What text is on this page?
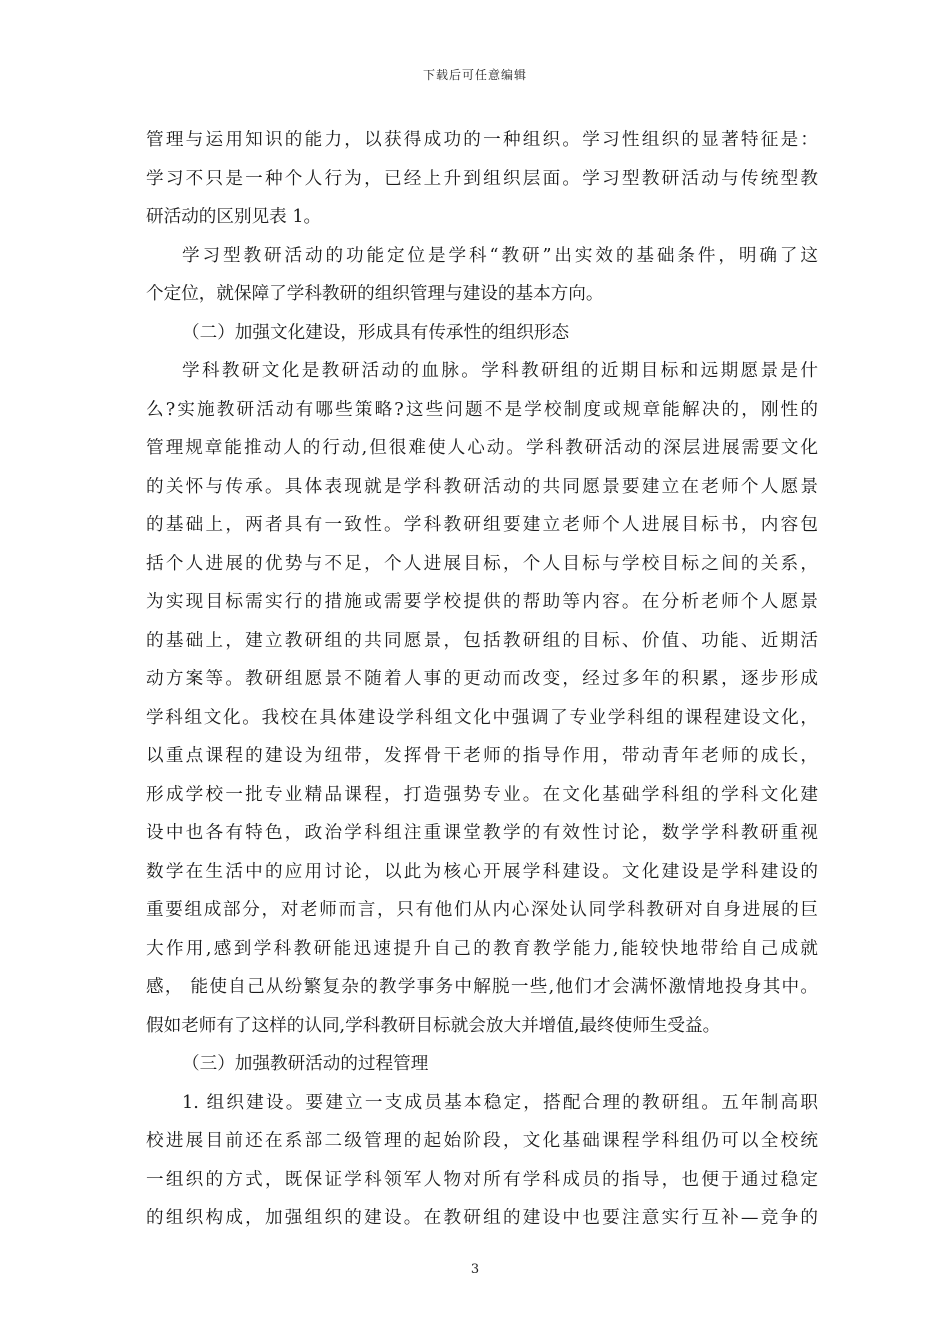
下载后可任意编辑
管理与运用知识的能力，以获得成功的一种组织。学习性组织的显著特征是：
学习不只是一种个人行为，已经上升到组织层面。学习型教研活动与传统型教
研活动的区别见表 1。
学习型教研活动的功能定位是学科“教研”出实效的基础条件，明确了这
个定位，就保障了学科教研的组织管理与建设的基本方向。
（二）加强文化建设，形成具有传承性的组织形态
学科教研文化是教研活动的血脉。学科教研组的近期目标和远期愿景是什
么?实施教研活动有哪些策略?这些问题不是学校制度或规章能解决的，刚性的
管理规章能推动人的行动,但很难使人心动。学科教研活动的深层进展需要文化
的关怀与传承。具体表现就是学科教研活动的共同愿景要建立在老师个人愿景
的基础上，两者具有一致性。学科教研组要建立老师个人进展目标书，内容包
括个人进展的优势与不足，个人进展目标，个人目标与学校目标之间的关系，
为实现目标需实行的措施或需要学校提供的帮助等内容。在分析老师个人愿景
的基础上，建立教研组的共同愿景，包括教研组的目标、价值、功能、近期活
动方案等。教研组愿景不随着人事的更动而改变，经过多年的积累，逐步形成
学科组文化。我校在具体建设学科组文化中强调了专业学科组的课程建设文化，
以重点课程的建设为纽带，发挥骨干老师的指导作用，带动青年老师的成长，
形成学校一批专业精品课程，打造强势专业。在文化基础学科组的学科文化建
设中也各有特色，政治学科组注重课堂教学的有效性讨论，数学学科教研重视
数学在生活中的应用讨论，以此为核心开展学科建设。文化建设是学科建设的
重要组成部分，对老师而言，只有他们从内心深处认同学科教研对自身进展的巨
大作用,感到学科教研能迅速提升自己的教育教学能力,能较快地带给自己成就
感， 能使自己从纷繁复杂的教学事务中解脱一些,他们才会满怀激情地投身其中。
假如老师有了这样的认同,学科教研目标就会放大并增值,最终使师生受益。
（三）加强教研活动的过程管理
1. 组织建设。要建立一支成员基本稳定，搭配合理的教研组。五年制高职
校进展目前还在系部二级管理的起始阶段，文化基础课程学科组仍可以全校统
一组织的方式，既保证学科领军人物对所有学科成员的指导，也便于通过稳定
的组织构成，加强组织的建设。在教研组的建设中也要注意实行互补—竞争的
3
